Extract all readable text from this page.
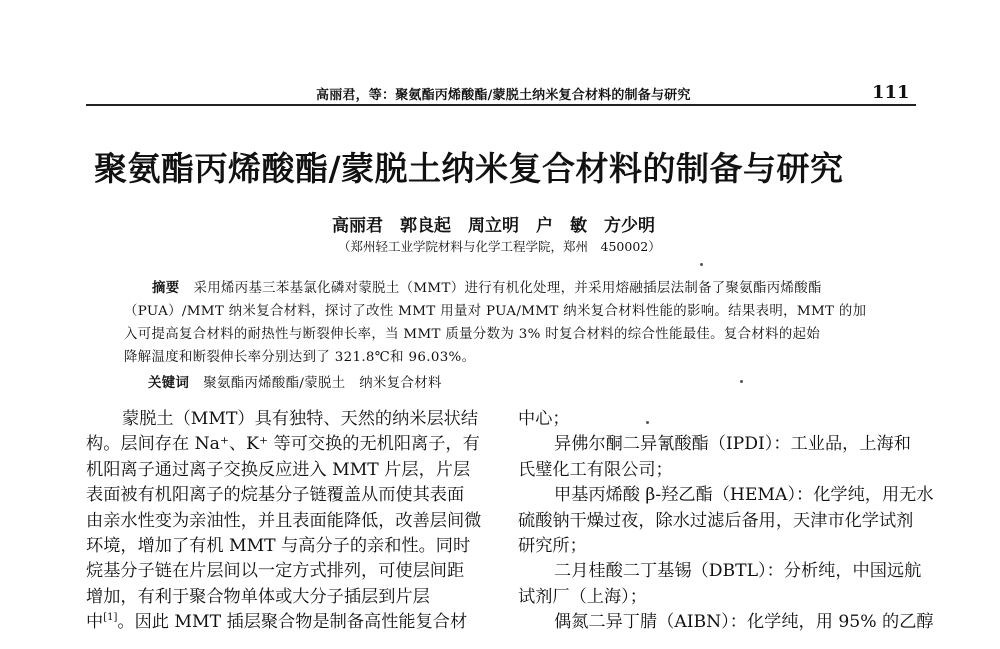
高丽君，等：聚氨酯丙烯酸酯/蒙脱土纳米复合材料的制备与研究	111
聚氨酯丙烯酸酯/蒙脱土纳米复合材料的制备与研究
高丽君　郭良起　周立明　户　敏　方少明
（郑州轻工业学院材料与化学工程学院，郑州　450002）
摘要 采用烯丙基三苯基氯化磷对蒙脱土（MMT）进行有机化处理，并采用熔融插层法制备了聚氨酯丙烯酸酯
（PUA）/MMT 纳米复合材料，探讨了改性 MMT 用量对 PUA/MMT 纳米复合材料性能的影响。结果表明，MMT 的加
入可提高复合材料的耐热性与断裂伸长率，当 MMT 质量分数为 3% 时复合材料的综合性能最佳。复合材料的起始
降解温度和断裂伸长率分别达到了 321.8℃和 96.03%。
关键词 聚氨酯丙烯酸酯/蒙脱土　纳米复合材料
蒙脱土（MMT）具有独特、天然的纳米层状结
构。层间存在 Na⁺、K⁺ 等可交换的无机阳离子，有
机阳离子通过离子交换反应进入 MMT 片层，片层
表面被有机阳离子的烷基分子链覆盖从而使其表面
由亲水性变为亲油性，并且表面能降低，改善层间微
环境，增加了有机 MMT 与高分子的亲和性。同时
烷基分子链在片层间以一定方式排列，可使层间距
增加，有利于聚合物单体或大分子插层到片层
中[1]。因此 MMT 插层聚合物是制备高性能复合材
中心；
异佛尔酮二异氰酸酯（IPDI）：工业品，上海和
氏璧化工有限公司；
甲基丙烯酸 β-羟乙酯（HEMA）：化学纯，用无水
硫酸钠干燥过夜，除水过滤后备用，天津市化学试剂
研究所；
二月桂酸二丁基锡（DBTL）：分析纯，中国远航
试剂厂（上海）；
偶氮二异丁腈（AIBN）：化学纯，用 95% 的乙醇
